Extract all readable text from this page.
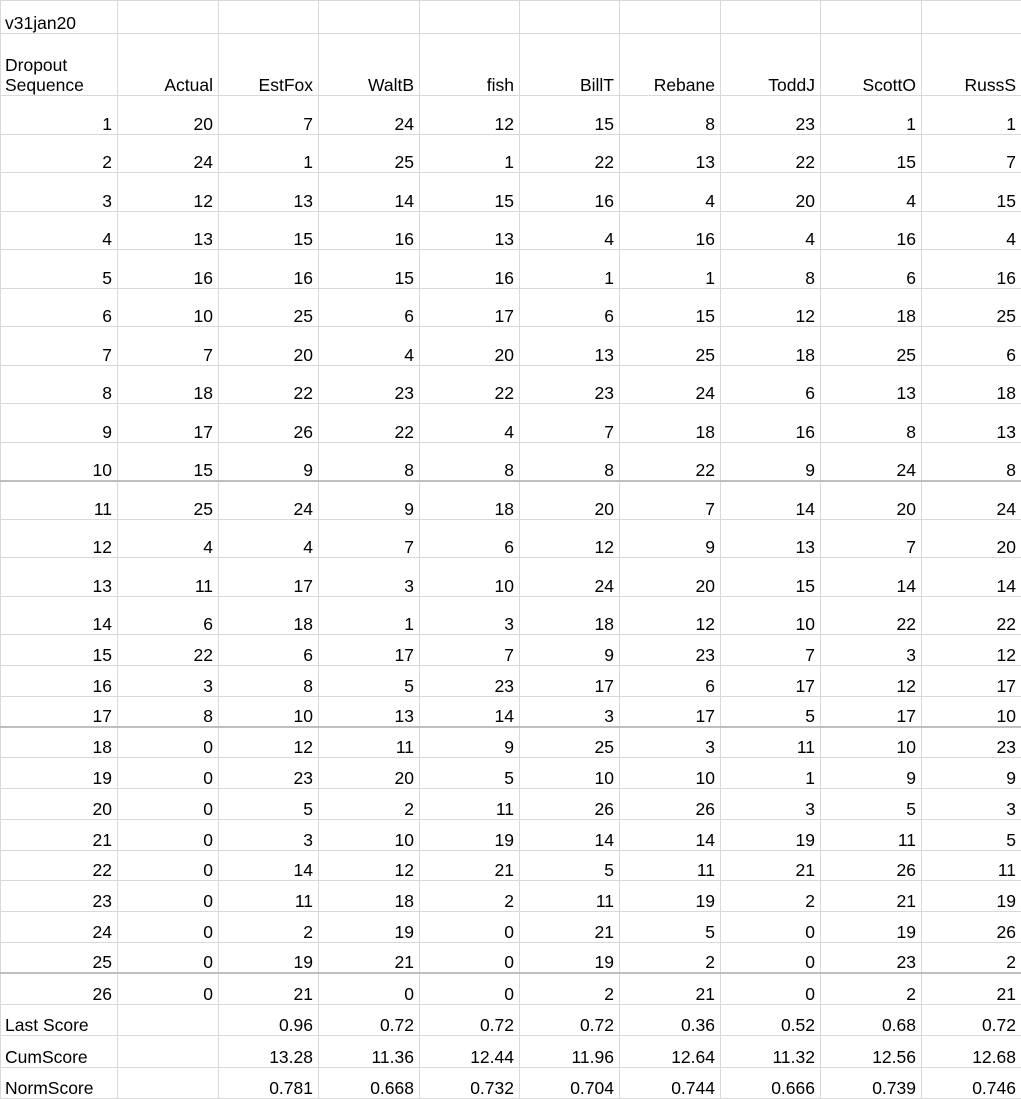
v31jan20									

Dropout
Sequence	Actual	EstFox	WaltB	fish	BillT	Rebane	ToddJ	ScottO	RussS
1	20	7	24	12	15	8	23	1	1
2	24	1	25	1	22	13	22	15	7
3	12	13	14	15	16	4	20	4	15
4	13	15	16	13	4	16	4	16	4
5	16	16	15	16	1	1	8	6	16
6	10	25	6	17	6	15	12	18	25
7	7	20	4	20	13	25	18	25	6
8	18	22	23	22	23	24	6	13	18
9	17	26	22	4	7	18	16	8	13
10	15	9	8	8	8	22	9	24	8
11	25	24	9	18	20	7	14	20	24
12	4	4	7	6	12	9	13	7	20
13	11	17	3	10	24	20	15	14	14
14	6	18	1	3	18	12	10	22	22
15	22	6	17	7	9	23	7	3	12
16	3	8	5	23	17	6	17	12	17
17	8	10	13	14	3	17	5	17	10
18	0	12	11	9	25	3	11	10	23
19	0	23	20	5	10	10	1	9	9
20	0	5	2	11	26	26	3	5	3
21	0	3	10	19	14	14	19	11	5
22	0	14	12	21	5	11	21	26	11
23	0	11	18	2	11	19	2	21	19
24	0	2	19	0	21	5	0	19	26
25	0	19	21	0	19	2	0	23	2
26	0	21	0	0	2	21	0	2	21
Last Score		0.96	0.72	0.72	0.72	0.36	0.52	0.68	0.72
CumScore		13.28	11.36	12.44	11.96	12.64	11.32	12.56	12.68
NormScore		0.781	0.668	0.732	0.704	0.744	0.666	0.739	0.746
